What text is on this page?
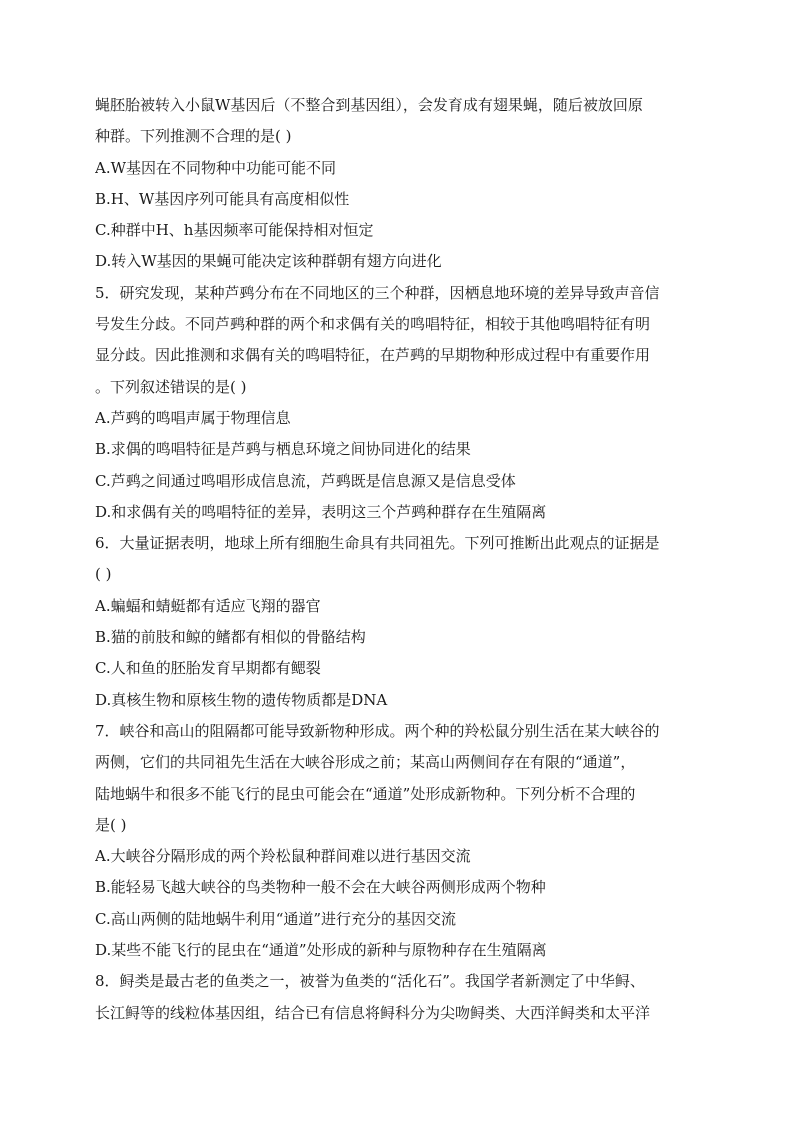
蝇胚胎被转入小鼠W基因后（不整合到基因组），会发育成有翅果蝇，随后被放回原
种群。下列推测不合理的是( )
A.W基因在不同物种中功能可能不同
B.H、W基因序列可能具有高度相似性
C.种群中H、h基因频率可能保持相对恒定
D.转入W基因的果蝇可能决定该种群朝有翅方向进化
5．研究发现，某种芦鹀分布在不同地区的三个种群，因栖息地环境的差异导致声音信
号发生分歧。不同芦鹀种群的两个和求偶有关的鸣唱特征，相较于其他鸣唱特征有明
显分歧。因此推测和求偶有关的鸣唱特征，在芦鹀的早期物种形成过程中有重要作用
。下列叙述错误的是( )
A.芦鹀的鸣唱声属于物理信息
B.求偶的鸣唱特征是芦鹀与栖息环境之间协同进化的结果
C.芦鹀之间通过鸣唱形成信息流，芦鹀既是信息源又是信息受体
D.和求偶有关的鸣唱特征的差异，表明这三个芦鹀种群存在生殖隔离
6．大量证据表明，地球上所有细胞生命具有共同祖先。下列可推断出此观点的证据是
( )
A.蝙蝠和蜻蜓都有适应飞翔的器官
B.猫的前肢和鲸的鳍都有相似的骨骼结构
C.人和鱼的胚胎发育早期都有鳃裂
D.真核生物和原核生物的遗传物质都是DNA
7．峡谷和高山的阻隔都可能导致新物种形成。两个种的羚松鼠分别生活在某大峡谷的
两侧，它们的共同祖先生活在大峡谷形成之前；某高山两侧间存在有限的“通道”，
陆地蜗牛和很多不能飞行的昆虫可能会在“通道”处形成新物种。下列分析不合理的
是( )
A.大峡谷分隔形成的两个羚松鼠种群间难以进行基因交流
B.能轻易飞越大峡谷的鸟类物种一般不会在大峡谷两侧形成两个物种
C.高山两侧的陆地蜗牛利用“通道”进行充分的基因交流
D.某些不能飞行的昆虫在“通道”处形成的新种与原物种存在生殖隔离
8．鲟类是最古老的鱼类之一，被誉为鱼类的“活化石”。我国学者新测定了中华鲟、
长江鲟等的线粒体基因组，结合已有信息将鲟科分为尖吻鲟类、大西洋鲟类和太平洋
